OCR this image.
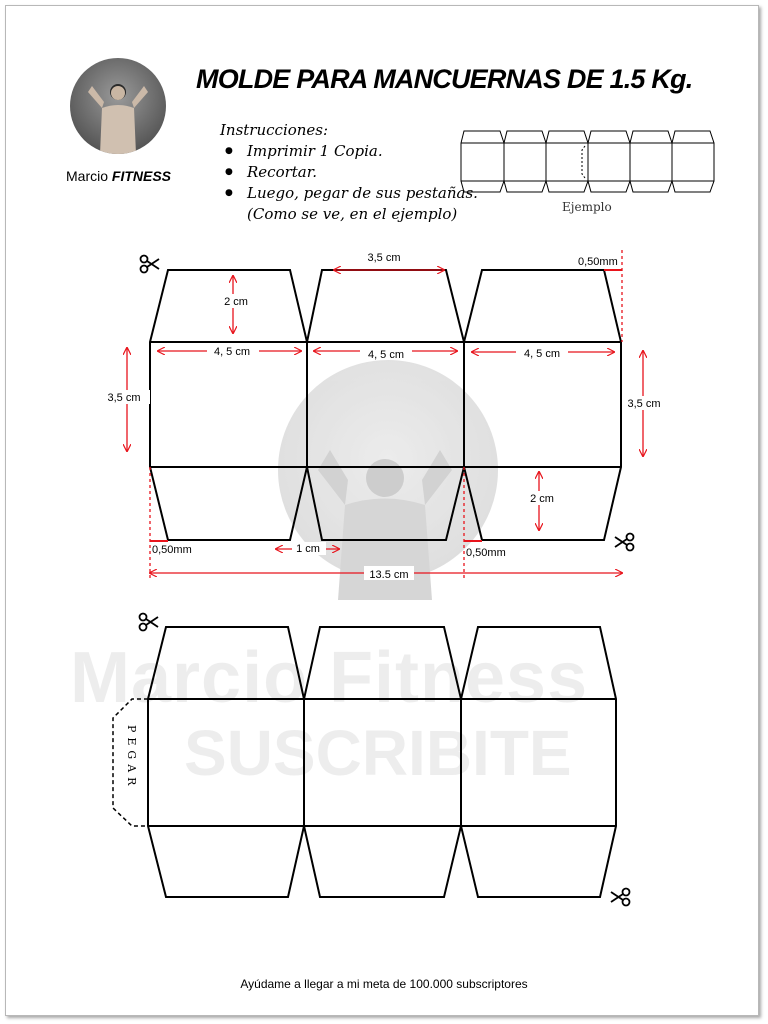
Marcio Fitness
SUSCRIBITE
Marcio FITNESS
MOLDE PARA MANCUERNAS DE 1.5 Kg.
Instrucciones:
● Imprimir 1 Copia.
● Recortar.
● Luego, pegar de sus pestañas.
(Como se ve, en el ejemplo)
PEGAR
3,5 cm	0,50mm
2 cm
4, 5 cm	4, 5 cm	4, 5 cm
3,5 cm	3,5 cm
2 cm
0,50mm	1 cm	0,50mm
13.5 cm
Ejemplo
Ayúdame a llegar a mi meta de 100.000 subscriptores
